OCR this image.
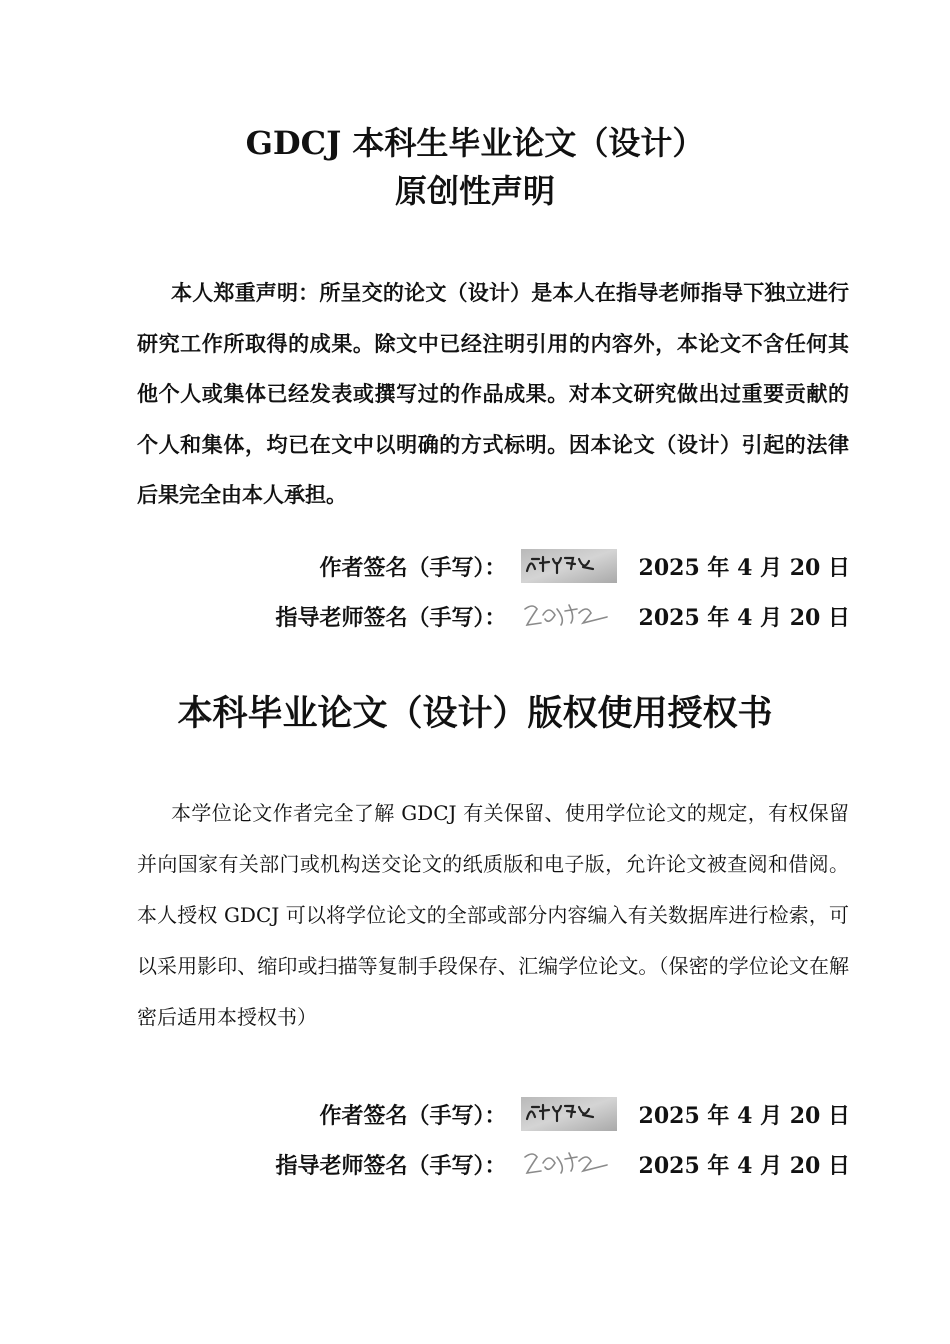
GDCJ 本科生毕业论文（设计）
原创性声明
本人郑重声明：所呈交的论文（设计）是本人在指导老师指导下独立进行研究工作所取得的成果。除文中已经注明引用的内容外，本论文不含任何其他个人或集体已经发表或撰写过的作品成果。对本文研究做出过重要贡献的个人和集体，均已在文中以明确的方式标明。因本论文（设计）引起的法律后果完全由本人承担。
作者签名（手写）：	2025 年 4 月 20 日
指导老师签名（手写）：	2025 年 4 月 20 日
本科毕业论文（设计）版权使用授权书
本学位论文作者完全了解 GDCJ 有关保留、使用学位论文的规定，有权保留并向国家有关部门或机构送交论文的纸质版和电子版，允许论文被查阅和借阅。本人授权 GDCJ 可以将学位论文的全部或部分内容编入有关数据库进行检索，可以采用影印、缩印或扫描等复制手段保存、汇编学位论文。（保密的学位论文在解密后适用本授权书）
作者签名（手写）：	2025 年 4 月 20 日
指导老师签名（手写）：	2025 年 4 月 20 日
